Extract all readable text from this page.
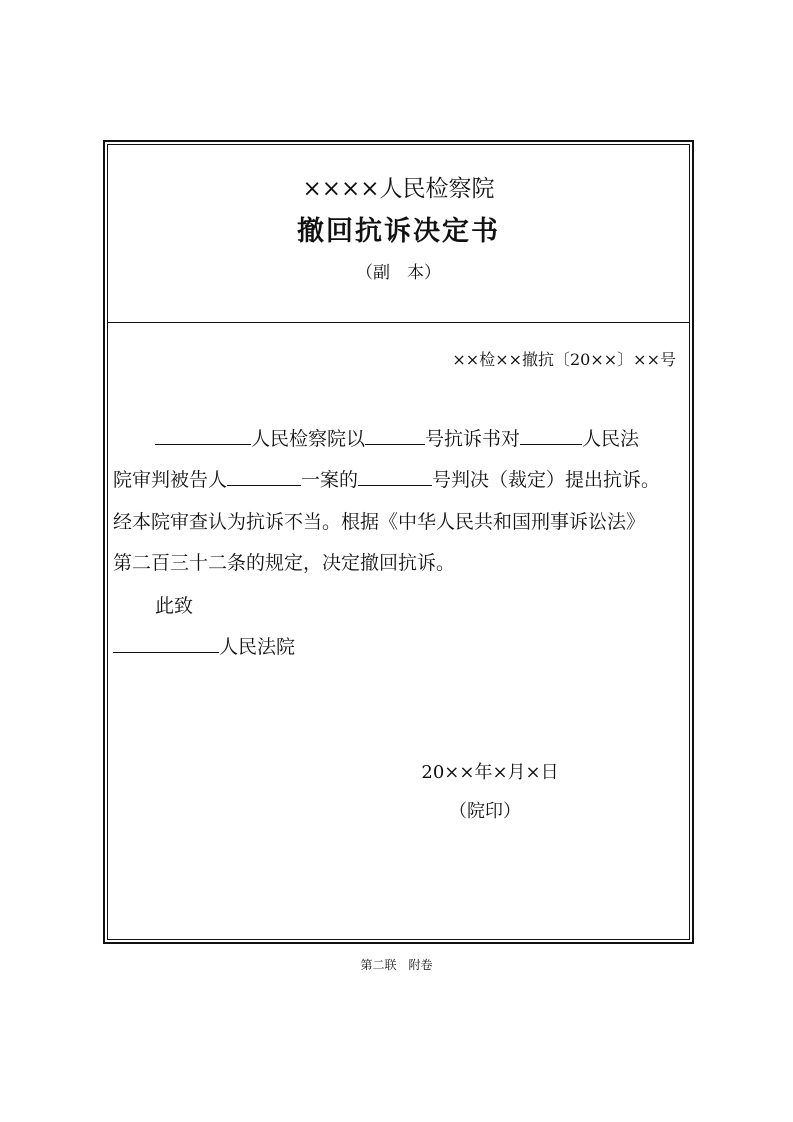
××××人民检察院
撤回抗诉决定书
（副　本）
××检××撤抗〔20××〕××号
人民检察院以	号抗诉书对	人民法
院审判被告人	一案的	号判决（裁定）提出抗诉。
经本院审查认为抗诉不当。根据《中华人民共和国刑事诉讼法》
第二百三十二条的规定，决定撤回抗诉。
此致
人民法院
20××年×月×日
（院印）
第二联　附卷
